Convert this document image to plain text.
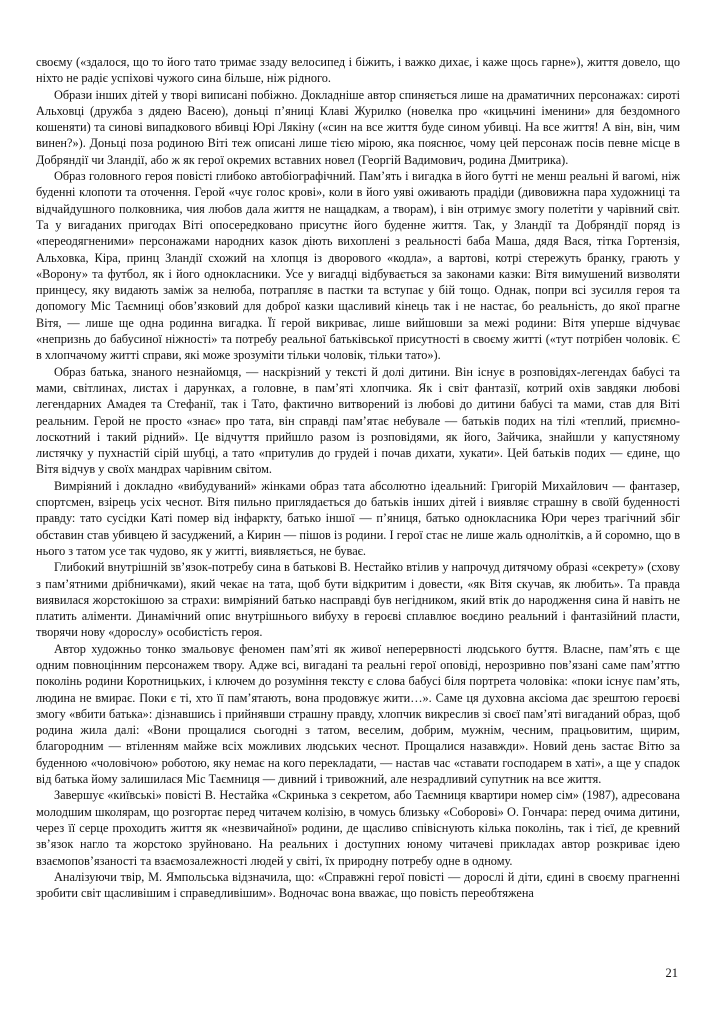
своєму («здалося, що то його тато тримає ззаду велосипед і біжить, і важко дихає, і каже щось гарне»), життя довело, що ніхто не радіє успіхові чужого сина більше, ніж рідного.

Образи інших дітей у творі виписані побіжно. Докладніше автор спиняється лише на драматичних персонажах: сироті Альховці (дружба з дядею Васею), доньці п’яниці Клаві Журилко (новелка про «кицьчині іменини» для бездомного кошеняти) та синові випадкового вбивці Юрі Лякіну («син на все життя буде сином убивці. На все життя! А він, він, чим винен?»). Доньці поза родиною Віті теж описані лише тією мірою, яка пояснює, чому цей персонаж посів певне місце в Добряндії чи Зландії, або ж як герої окремих вставних новел (Георгій Вадимович, родина Дмитрика).

Образ головного героя повісті глибоко автобіографічний. Пам’ять і вигадка в його бутті не менш реальні й вагомі, ніж буденні клопоти та оточення. Герой «чує голос крові», коли в його уяві оживають прадіди (дивовижна пара художниці та відчайдушного полковника, чия любов дала життя не нащадкам, а творам), і він отримує змогу полетіти у чарівний світ. Та у вигаданих пригодах Віті опосередковано присутнє його буденне життя. Так, у Зландії та Добряндії поряд із «переодягненими» персонажами народних казок діють вихоплені з реальності баба Маша, дядя Вася, тітка Гортензія, Альховка, Кіра, принц Зландії схожий на хлопця із дворового «кодла», а вартові, котрі стережуть бранку, грають у «Ворону» та футбол, як і його однокласники. Усе у вигадці відбувається за законами казки: Вітя вимушений визволяти принцесу, яку видають заміж за нелюба, потрапляє в пастки та вступає у бій тощо. Однак, попри всі зусилля героя та допомогу Міс Таємниці обов’язковий для доброї казки щасливий кінець так і не настає, бо реальність, до якої прагне Вітя, — лише ще одна родинна вигадка. Її герой викриває, лише вийшовши за межі родини: Вітя уперше відчуває «непризнь до бабусиної ніжності» та потребу реальної батьківської присутності в своєму житті («тут потрібен чоловік. Є в хлопчачому житті справи, які може зрозуміти тільки чоловік, тільки тато»).

Образ батька, знаного незнайомця, — наскрізний у тексті й долі дитини. Він існує в розповідях-легендах бабусі та мами, світлинах, листах і дарунках, а головне, в пам’яті хлопчика. Як і світ фантазії, котрий охів завдяки любові легендарних Амадея та Стефанії, так і Тато, фактично витворений із любові до дитини бабусі та мами, став для Віті реальним. Герой не просто «знає» про тата, він справді пам’ятає небувале — батьків подих на тілі «теплий, приємно-лоскотний і такий рідний». Це відчуття прийшло разом із розповідями, як його, Зайчика, знайшли у капустяному листячку у пухнастій сірій шубці, а тато «притулив до грудей і почав дихати, хукати». Цей батьків подих — єдине, що Вітя відчув у своїх мандрах чарівним світом.

Вимріяний і докладно «вибудуваний» жінками образ тата абсолютно ідеальний: Григорій Михайлович — фантазер, спортсмен, взірець усіх чеснот. Вітя пильно приглядається до батьків інших дітей і виявляє страшну в своїй буденності правду: тато сусідки Каті помер від інфаркту, батько іншої — п’яниця, батько однокласника Юри через трагічний збіг обставин став убивцею й засуджений, а Кирин — пішов із родини. І герої стає не лише жаль однолітків, а й соромно, що в нього з татом усе так чудово, як у житті, виявляється, не буває.

Глибокий внутрішній зв’язок-потребу сина в батькові В. Нестайко втілив у напрочуд дитячому образі «секрету» (схову з пам’ятними дрібничками), який чекає на тата, щоб бути відкритим і довести, «як Вітя скучав, як любить». Та правда виявилася жорстокішою за страхи: вимріяний батько насправді був негідником, який втік до народження сина й навіть не платить аліменти. Динамічний опис внутрішнього вибуху в героєві сплавлює воєдино реальний і фантазійний пласти, творячи нову «дорослу» особистість героя.

Автор художньо тонко змальовує феномен пам’яті як живої неперервності людського буття. Власне, пам’ять є ще одним повноцінним персонажем твору. Адже всі, вигадані та реальні герої оповіді, нерозривно пов’язані саме пам’яттю поколінь родини Коротницьких, і ключем до розуміння тексту є слова бабусі біля портрета чоловіка: «поки існує пам’ять, людина не вмирає. Поки є ті, хто її пам’ятають, вона продовжує жити…». Саме ця духовна аксіома дає зрештою героєві змогу «вбити батька»: дізнавшись і прийнявши страшну правду, хлопчик викреслив зі своєї пам’яті вигаданий образ, щоб родина жила далі: «Вони прощалися сьогодні з татом, веселим, добрим, мужнім, чесним, працьовитим, щирим, благородним — втіленням майже всіх можливих людських чеснот. Прощалися назавжди». Новий день застає Вітю за буденною «чоловічою» роботою, яку немає на кого перекладати, — настав час «ставати господарем в хаті», а ще у спадок від батька йому залишилася Міс Таємниця — дивний і тривожний, але незрадливий супутник на все життя.

Завершує «київські» повісті В. Нестайка «Скринька з секретом, або Таємниця квартири номер сім» (1987), адресована молодшим школярам, що розгортає перед читачем колізію, в чомусь близьку «Соборові» О. Гончара: перед очима дитини, через її серце проходить життя як «незвичайної» родини, де щасливо співіснують кілька поколінь, так і тієї, де кревний зв’язок нагло та жорстоко зруйновано. На реальних і доступних юному читачеві прикладах автор розкриває ідею взаємопов’язаності та взаємозалежності людей у світі, їх природну потребу одне в одному.

Аналізуючи твір, М. Ямпольська відзначила, що: «Справжні герої повісті — дорослі й діти, єдині в своєму прагненні зробити світ щасливішим і справедливішим». Водночас вона вважає, що повість переобтяжена

21
